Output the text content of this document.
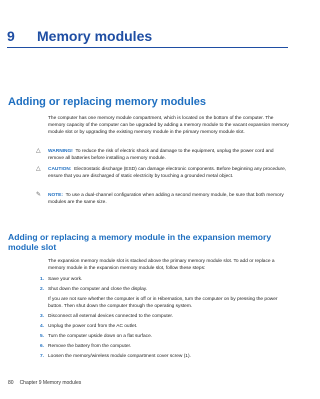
9 Memory modules
Adding or replacing memory modules
The computer has one memory module compartment, which is located on the bottom of the computer. The memory capacity of the computer can be upgraded by adding a memory module to the vacant expansion memory module slot or by upgrading the existing memory module in the primary memory module slot.
△ WARNING! To reduce the risk of electric shock and damage to the equipment, unplug the power cord and remove all batteries before installing a memory module.
△ CAUTION: Electrostatic discharge (ESD) can damage electronic components. Before beginning any procedure, ensure that you are discharged of static electricity by touching a grounded metal object.
✎ NOTE: To use a dual-channel configuration when adding a second memory module, be sure that both memory modules are the same size.
Adding or replacing a memory module in the expansion memory module slot
The expansion memory module slot is stacked above the primary memory module slot. To add or replace a memory module in the expansion memory module slot, follow these steps:
1. Save your work.
2. Shut down the computer and close the display.
If you are not sure whether the computer is off or in Hibernation, turn the computer on by pressing the power button. Then shut down the computer through the operating system.
3. Disconnect all external devices connected to the computer.
4. Unplug the power cord from the AC outlet.
5. Turn the computer upside down on a flat surface.
6. Remove the battery from the computer.
7. Loosen the memory/wireless module compartment cover screw (1).
80 Chapter 9 Memory modules
